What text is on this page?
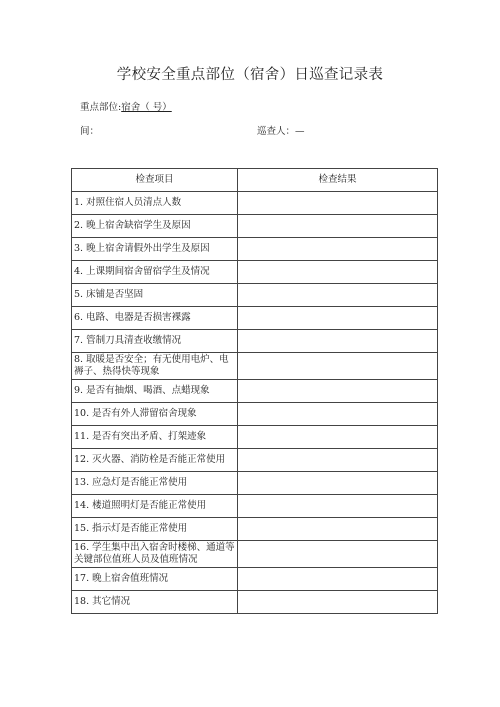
学校安全重点部位（宿舍）日巡查记录表
重点部位:宿舍（ 号）
间：	巡查人：—
检查项目	检查结果
1. 对照住宿人员清点人数	
2. 晚上宿舍缺宿学生及原因	
3. 晚上宿舍请假外出学生及原因	
4. 上课期间宿舍留宿学生及情况	
5. 床铺是否坚固	
6. 电路、电器是否损害裸露	
7. 管制刀具清查收缴情况	
8. 取暖是否安全；有无使用电炉、电褥子、热得快等现象	
9. 是否有抽烟、喝酒、点蜡现象	
10. 是否有外人滞留宿舍现象	
11. 是否有突出矛盾、打架迹象	
12. 灭火器、消防栓是否能正常使用	
13. 应急灯是否能正常使用	
14. 楼道照明灯是否能正常使用	
15. 指示灯是否能正常使用	
16. 学生集中出入宿舍时楼梯、通道等关键部位值班人员及值班情况	
17. 晚上宿舍值班情况	
18. 其它情况	
